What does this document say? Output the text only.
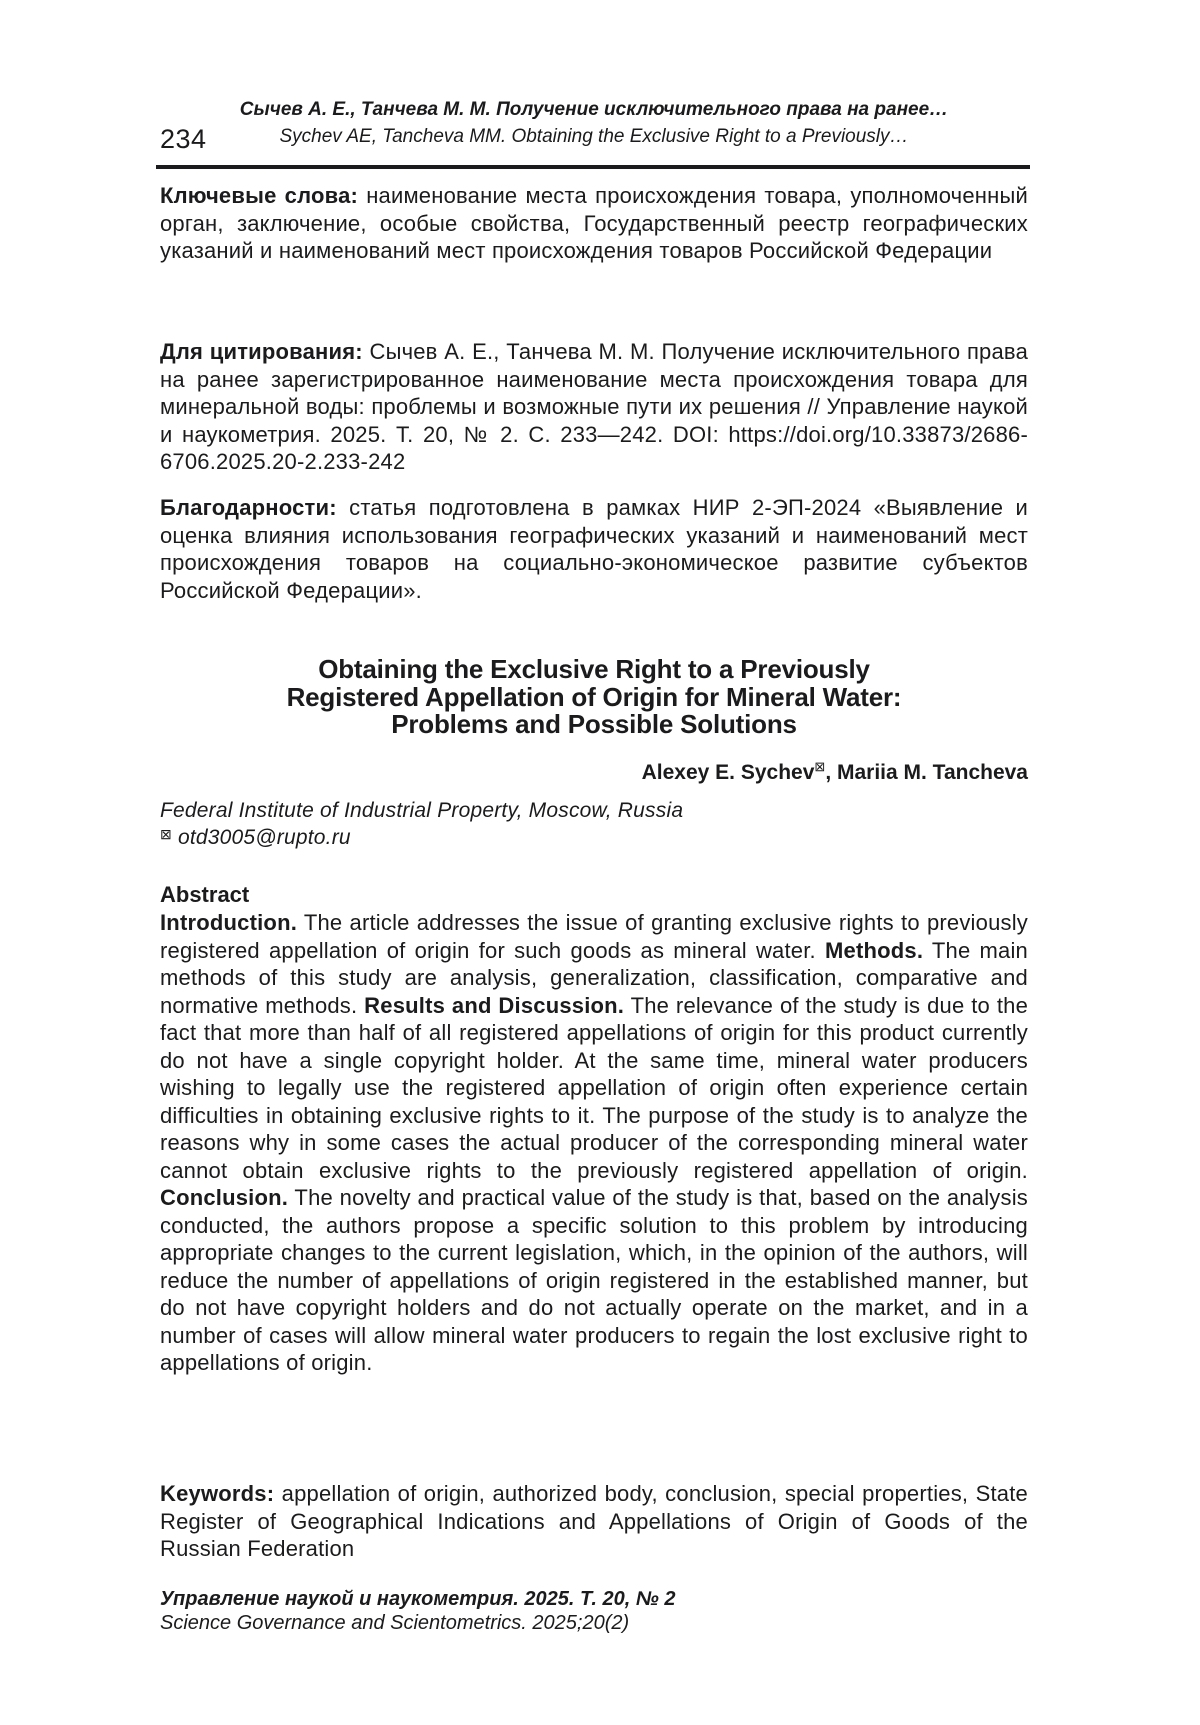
Сычев А. Е., Танчева М. М. Получение исключительного права на ранее…
Sychev AE, Tancheva MM. Obtaining the Exclusive Right to a Previously…
234

Ключевые слова: наименование места происхождения товара, уполномоченный орган, заключение, особые свойства, Государственный реестр географических указаний и наименований мест происхождения товаров Российской Федерации

Для цитирования: Сычев А. Е., Танчева М. М. Получение исключительного права на ранее зарегистрированное наименование места происхождения товара для минеральной воды: проблемы и возможные пути их решения // Управление наукой и наукометрия. 2025. Т. 20, № 2. С. 233—242. DOI: https://doi.org/10.33873/2686-6706.2025.20-2.233-242

Благодарности: статья подготовлена в рамках НИР 2-ЭП-2024 «Выявление и оценка влияния использования географических указаний и наименований мест происхождения товаров на социально-экономическое развитие субъектов Российской Федерации».

Obtaining the Exclusive Right to a Previously
Registered Appellation of Origin for Mineral Water:
Problems and Possible Solutions
Alexey E. Sychev⊠, Mariia M. Tancheva
Federal Institute of Industrial Property, Moscow, Russia
⊠ otd3005@rupto.ru
Abstract

Introduction. The article addresses the issue of granting exclusive rights to previously registered appellation of origin for such goods as mineral water. Methods. The main methods of this study are analysis, generalization, classification, comparative and normative methods. Results and Discussion. The relevance of the study is due to the fact that more than half of all registered appellations of origin for this product currently do not have a single copyright holder. At the same time, mineral water producers wishing to legally use the registered appellation of origin often experience certain difficulties in obtaining exclusive rights to it. The purpose of the study is to analyze the reasons why in some cases the actual producer of the corresponding mineral water cannot obtain exclusive rights to the previously registered appellation of origin. Conclusion. The novelty and practical value of the study is that, based on the analysis conducted, the authors propose a specific solution to this problem by introducing appropriate changes to the current legislation, which, in the opinion of the authors, will reduce the number of appellations of origin registered in the established manner, but do not have copyright holders and do not actually operate on the market, and in a number of cases will allow mineral water producers to regain the lost exclusive right to appellations of origin.

Keywords: appellation of origin, authorized body, conclusion, special properties, State Register of Geographical Indications and Appellations of Origin of Goods of the Russian Federation

Управление наукой и наукометрия. 2025. Т. 20, № 2
Science Governance and Scientometrics. 2025;20(2)
